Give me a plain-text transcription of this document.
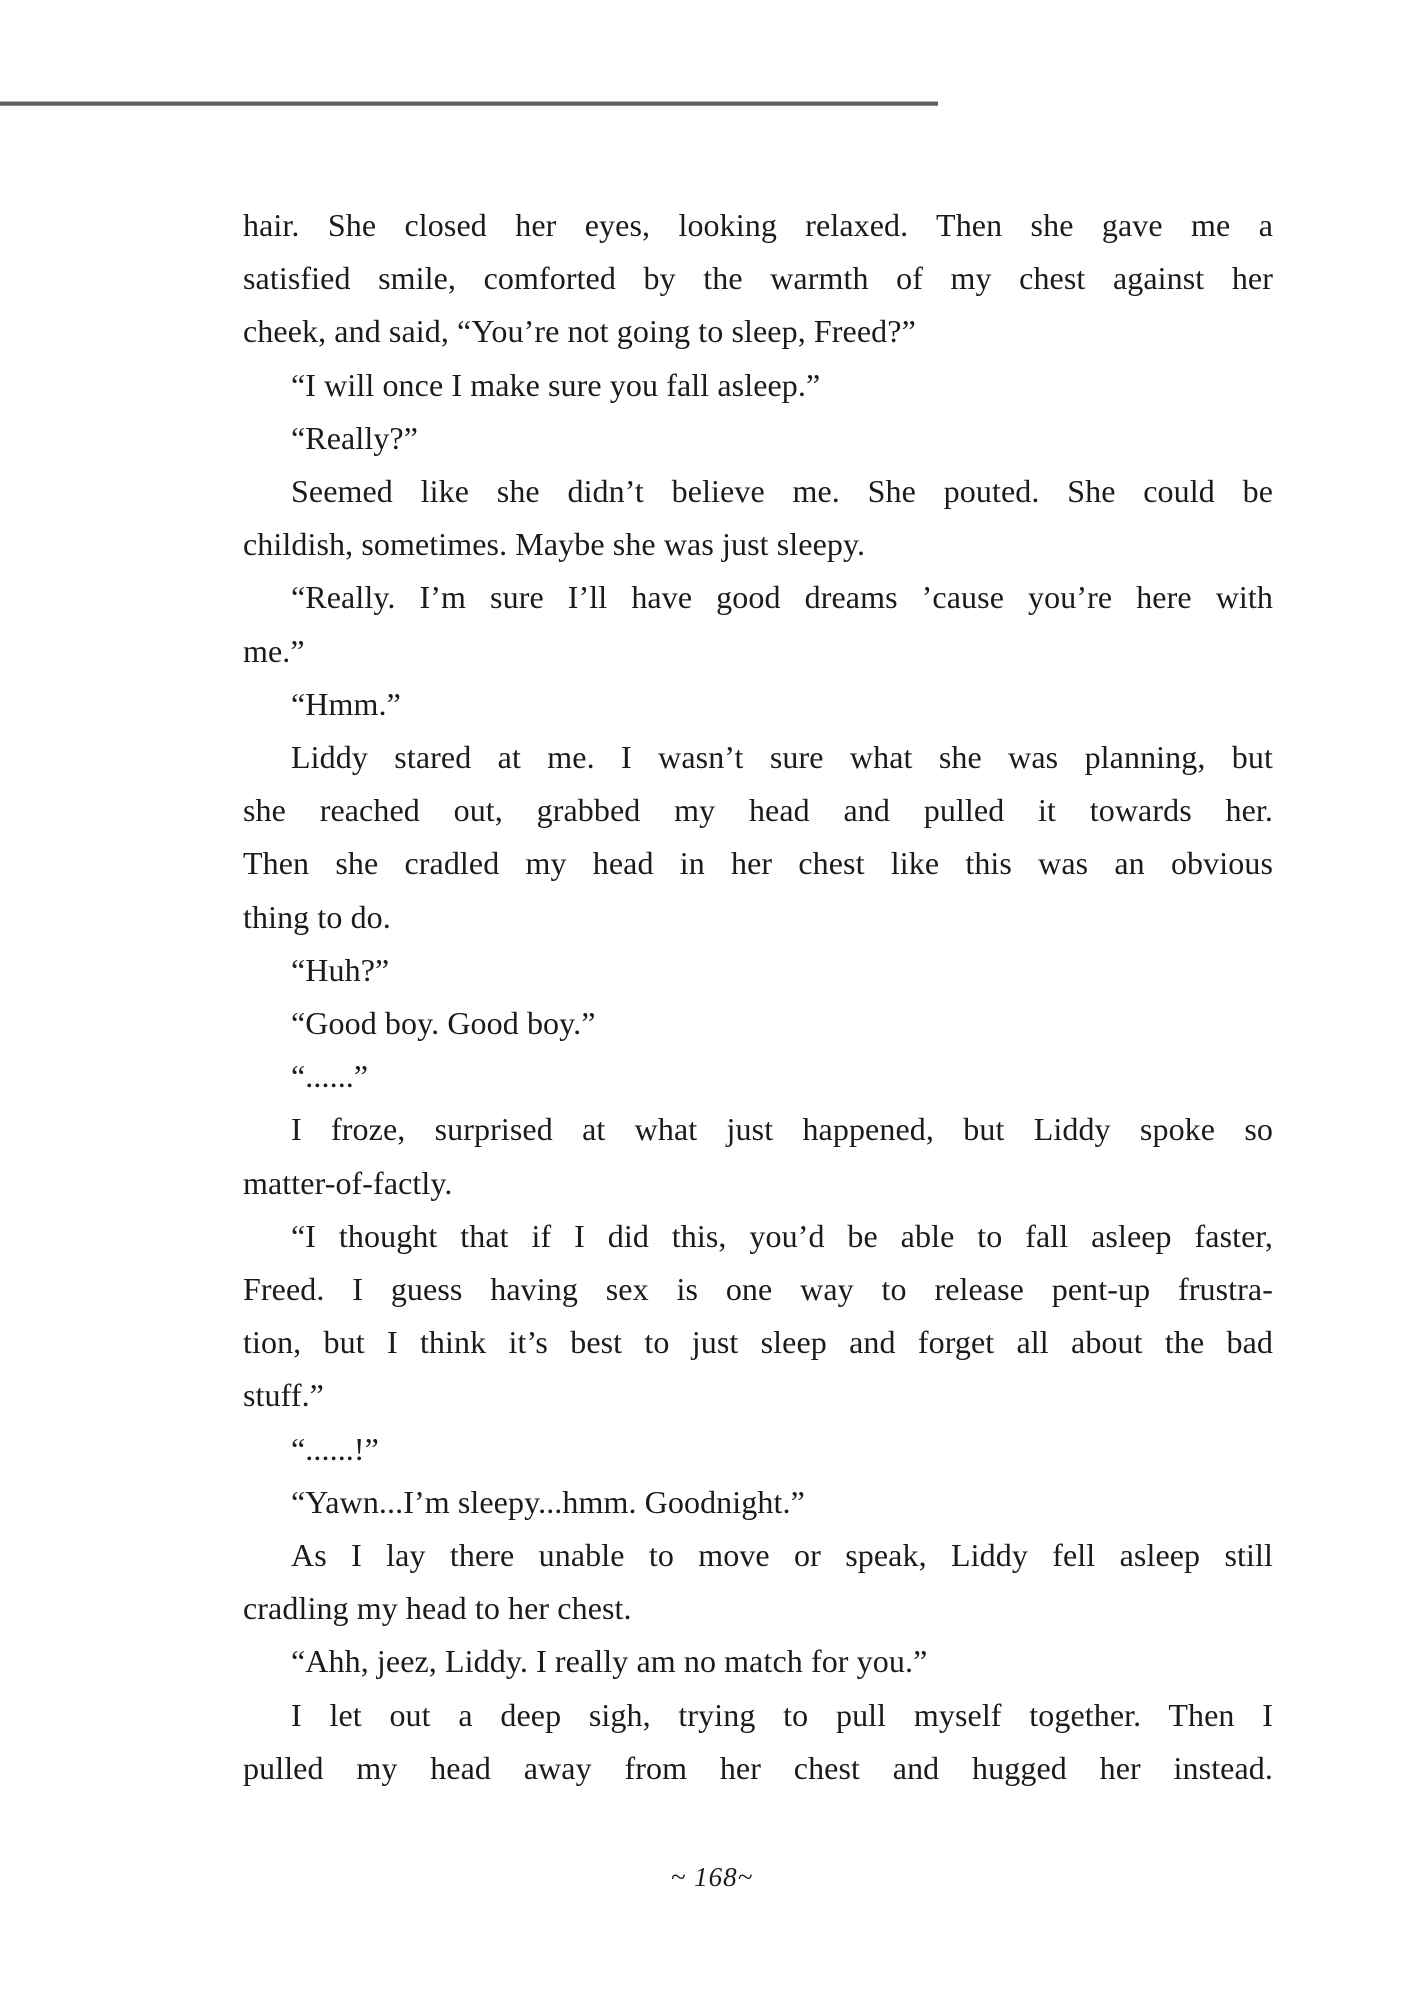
hair. She closed her eyes, looking relaxed. Then she gave me a
satisfied smile, comforted by the warmth of my chest against her
cheek, and said, “You’re not going to sleep, Freed?”
“I will once I make sure you fall asleep.”
“Really?”
Seemed like she didn’t believe me. She pouted. She could be
childish, sometimes. Maybe she was just sleepy.
“Really. I’m sure I’ll have good dreams ’cause you’re here with
me.”
“Hmm.”
Liddy stared at me. I wasn’t sure what she was planning, but
she reached out, grabbed my head and pulled it towards her.
Then she cradled my head in her chest like this was an obvious
thing to do.
“Huh?”
“Good boy. Good boy.”
“......”
I froze, surprised at what just happened, but Liddy spoke so
matter-of-factly.
“I thought that if I did this, you’d be able to fall asleep faster,
Freed. I guess having sex is one way to release pent-up frustra-
tion, but I think it’s best to just sleep and forget all about the bad
stuff.”
“......!”
“Yawn...I’m sleepy...hmm. Goodnight.”
As I lay there unable to move or speak, Liddy fell asleep still
cradling my head to her chest.
“Ahh, jeez, Liddy. I really am no match for you.”
I let out a deep sigh, trying to pull myself together. Then I
pulled my head away from her chest and hugged her instead.
~ 168~
